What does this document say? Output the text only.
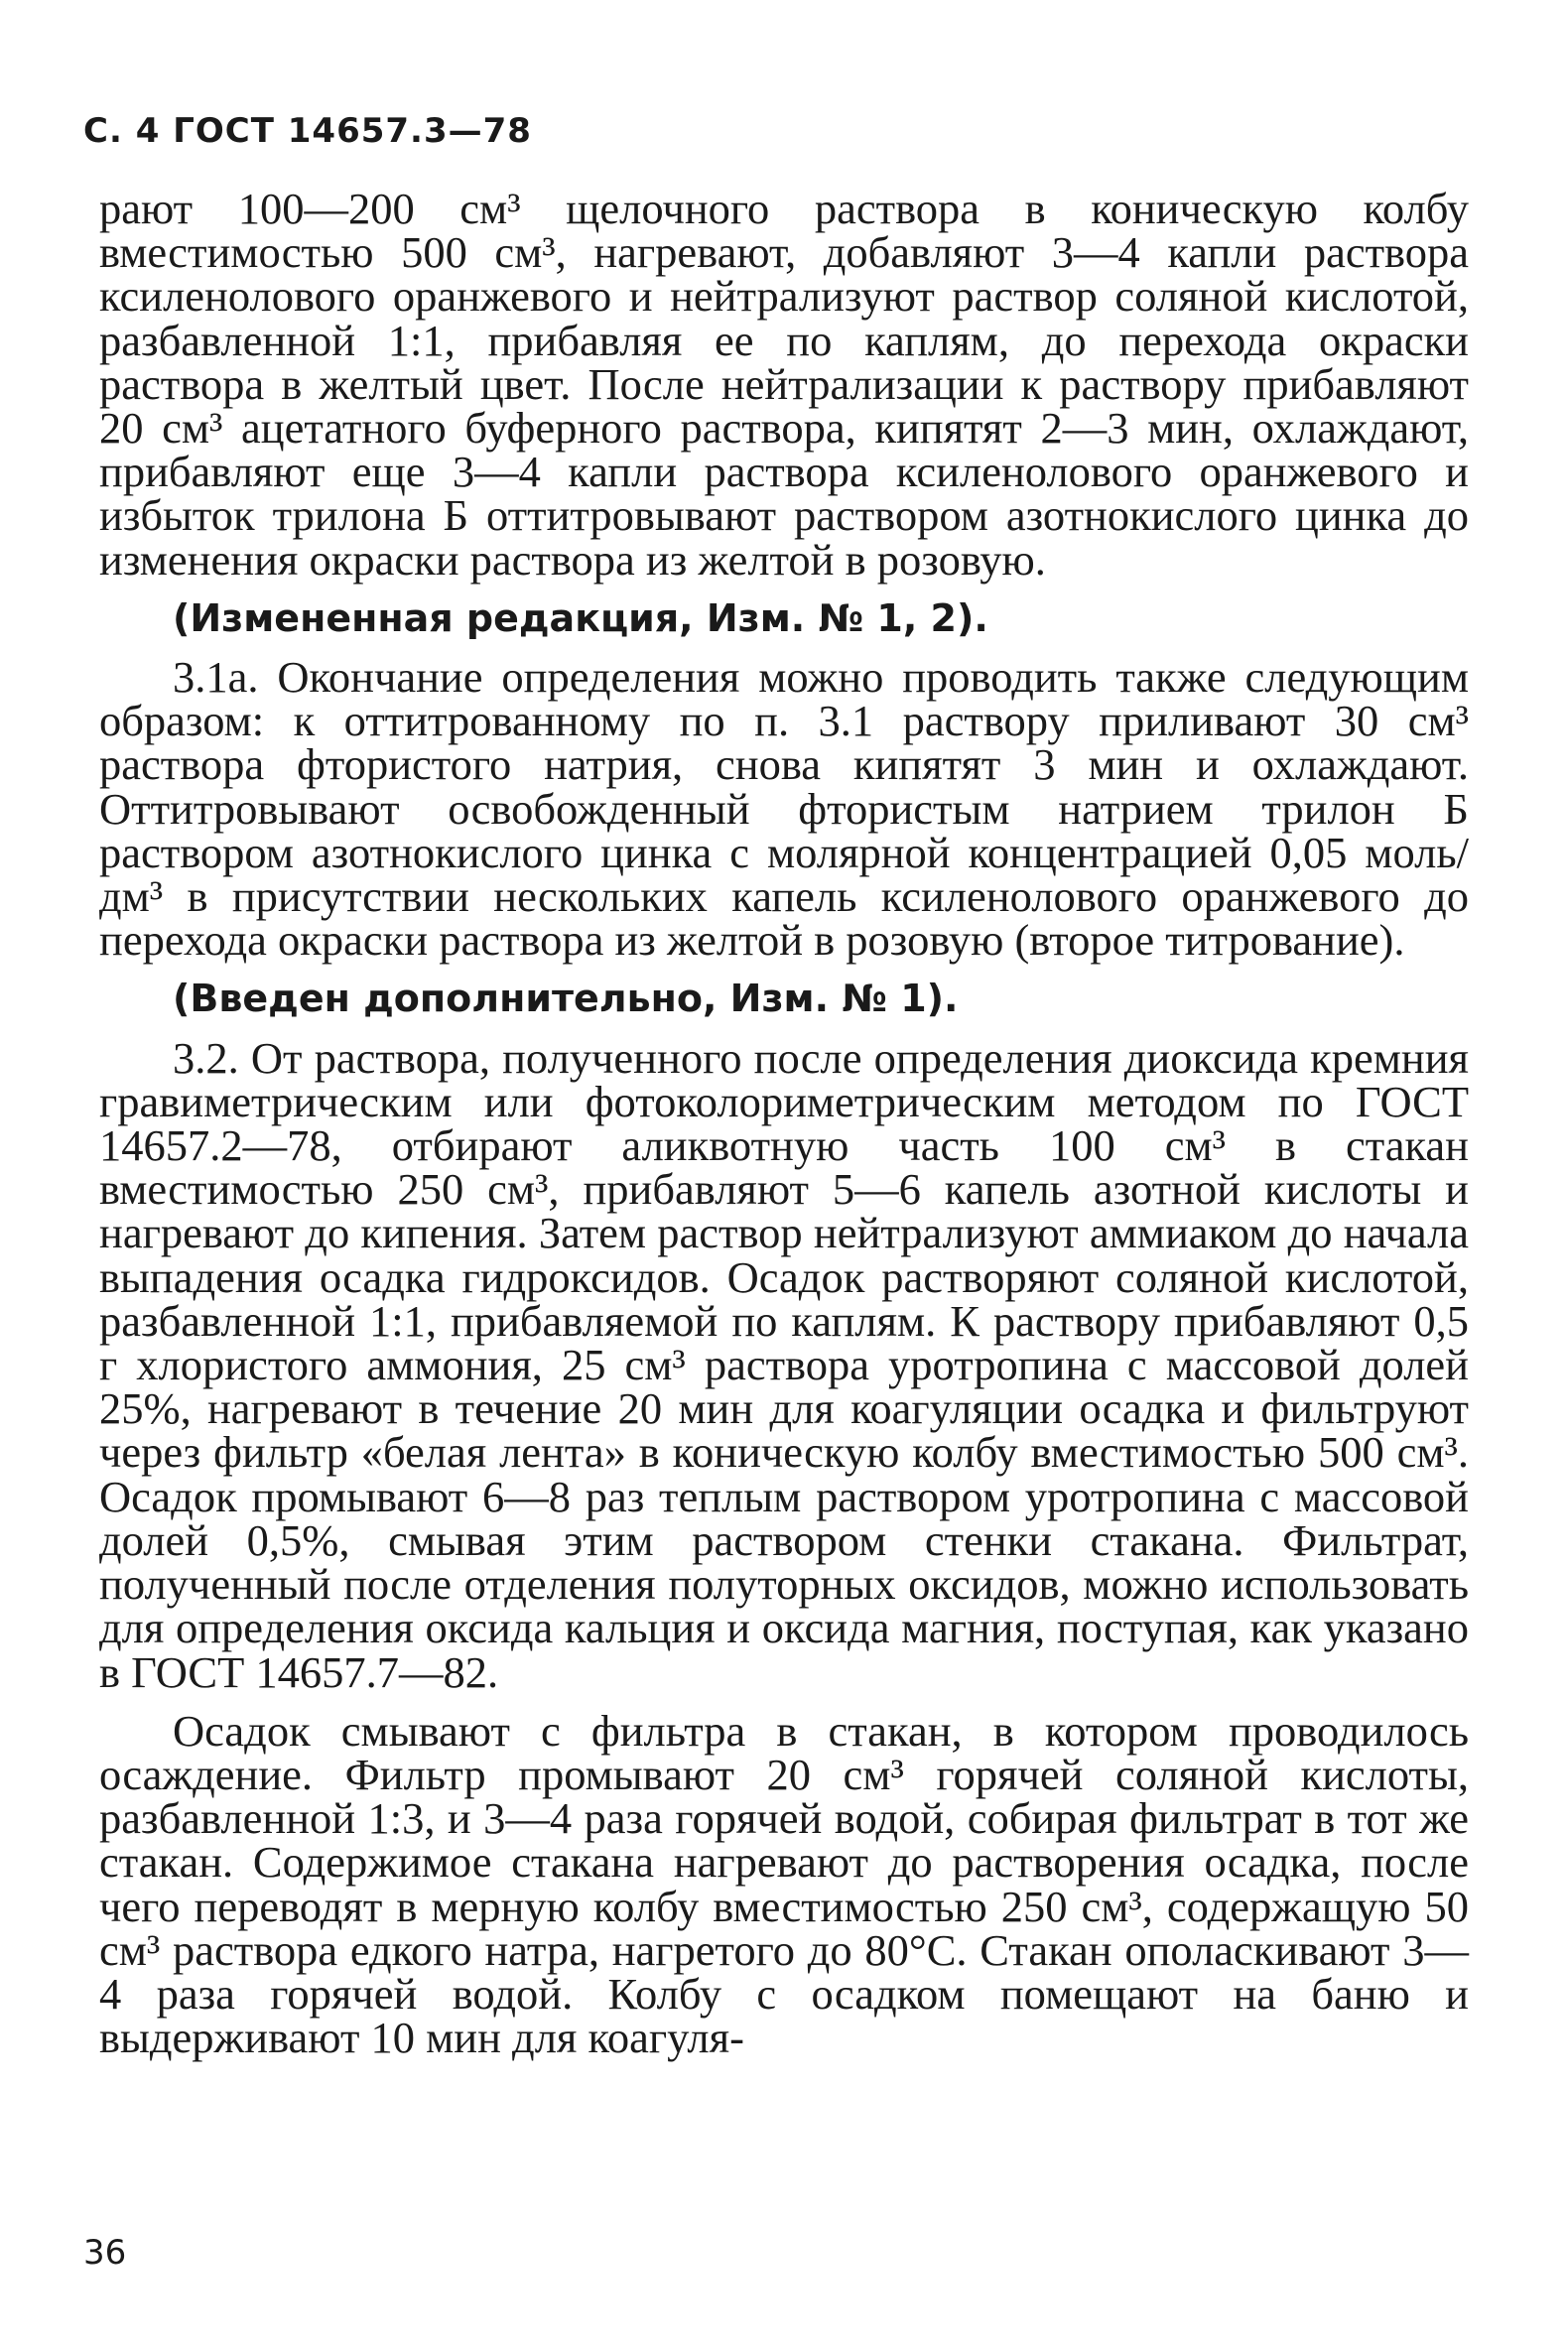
С. 4 ГОСТ 14657.3—78

рают 100—200 см³ щелочного раствора в коническую колбу вместимостью 500 см³, нагревают, добавляют 3—4 капли раствора ксиленолового оранжевого и нейтрализуют раствор соляной кислотой, разбавленной 1:1, прибавляя ее по каплям, до перехода окраски раствора в желтый цвет. После нейтрализации к раствору прибавляют 20 см³ ацетатного буферного раствора, кипятят 2—3 мин, охлаждают, прибавляют еще 3—4 капли раствора ксиленолового оранжевого и избыток трилона Б оттитровывают раствором азотнокислого цинка до изменения окраски раствора из желтой в розовую.

(Измененная редакция, Изм. № 1, 2).

3.1а. Окончание определения можно проводить также следующим образом: к оттитрованному по п. 3.1 раствору приливают 30 см³ раствора фтористого натрия, снова кипятят 3 мин и охлаждают. Оттитровывают освобожденный фтористым натрием трилон Б раствором азотнокислого цинка с молярной концентрацией 0,05 моль/дм³ в присутствии нескольких капель ксиленолового оранжевого до перехода окраски раствора из желтой в розовую (второе титрование).

(Введен дополнительно, Изм. № 1).

3.2. От раствора, полученного после определения диоксида кремния гравиметрическим или фотоколориметрическим методом по ГОСТ 14657.2—78, отбирают аликвотную часть 100 см³ в стакан вместимостью 250 см³, прибавляют 5—6 капель азотной кислоты и нагревают до кипения. Затем раствор нейтрализуют аммиаком до начала выпадения осадка гидроксидов. Осадок растворяют соляной кислотой, разбавленной 1:1, прибавляемой по каплям. К раствору прибавляют 0,5 г хлористого аммония, 25 см³ раствора уротропина с массовой долей 25%, нагревают в течение 20 мин для коагуляции осадка и фильтруют через фильтр «белая лента» в коническую колбу вместимостью 500 см³. Осадок промывают 6—8 раз теплым раствором уротропина с массовой долей 0,5%, смывая этим раствором стенки стакана. Фильтрат, полученный после отделения полуторных оксидов, можно использовать для определения оксида кальция и оксида магния, поступая, как указано в ГОСТ 14657.7—82.

Осадок смывают с фильтра в стакан, в котором проводилось осаждение. Фильтр промывают 20 см³ горячей соляной кислоты, разбавленной 1:3, и 3—4 раза горячей водой, собирая фильтрат в тот же стакан. Содержимое стакана нагревают до растворения осадка, после чего переводят в мерную колбу вместимостью 250 см³, содержащую 50 см³ раствора едкого натра, нагретого до 80°С. Стакан ополаскивают 3—4 раза горячей водой. Колбу с осадком помещают на баню и выдерживают 10 мин для коагуля-

36
